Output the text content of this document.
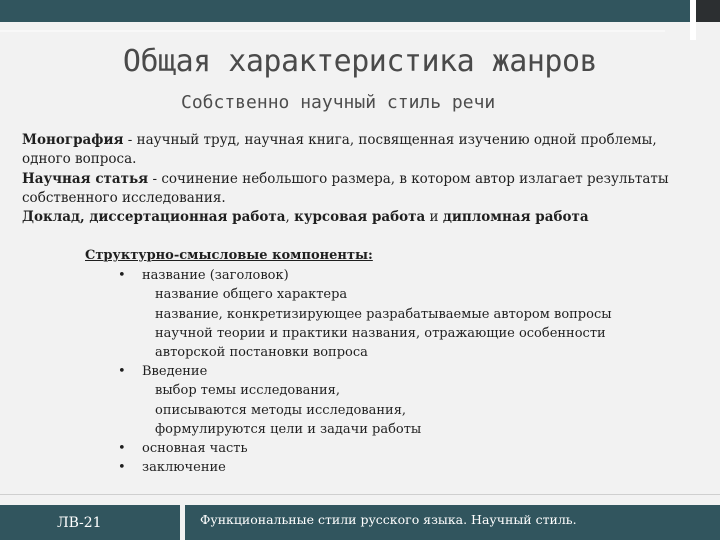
Общая характеристика жанров
Собственно научный стиль речи

Монография - научный труд, научная книга, посвященная изучению одной проблемы, одного вопроса.

Научная статья - сочинение небольшого размера, в котором автор излагает результаты собственного исследования.

Доклад, диссертационная работа, курсовая работа и дипломная работа

Структурно-смысловые компоненты:
• название (заголовок)
название общего характера
название, конкретизирующее разрабатываемые автором вопросы
научной теории и практики названия, отражающие особенности
авторской постановки вопроса
• Введение
выбор темы исследования,
описываются методы исследования,
формулируются цели и задачи работы
• основная часть
• заключение
ЛВ-21	Функциональные стили русского языка. Научный стиль.
